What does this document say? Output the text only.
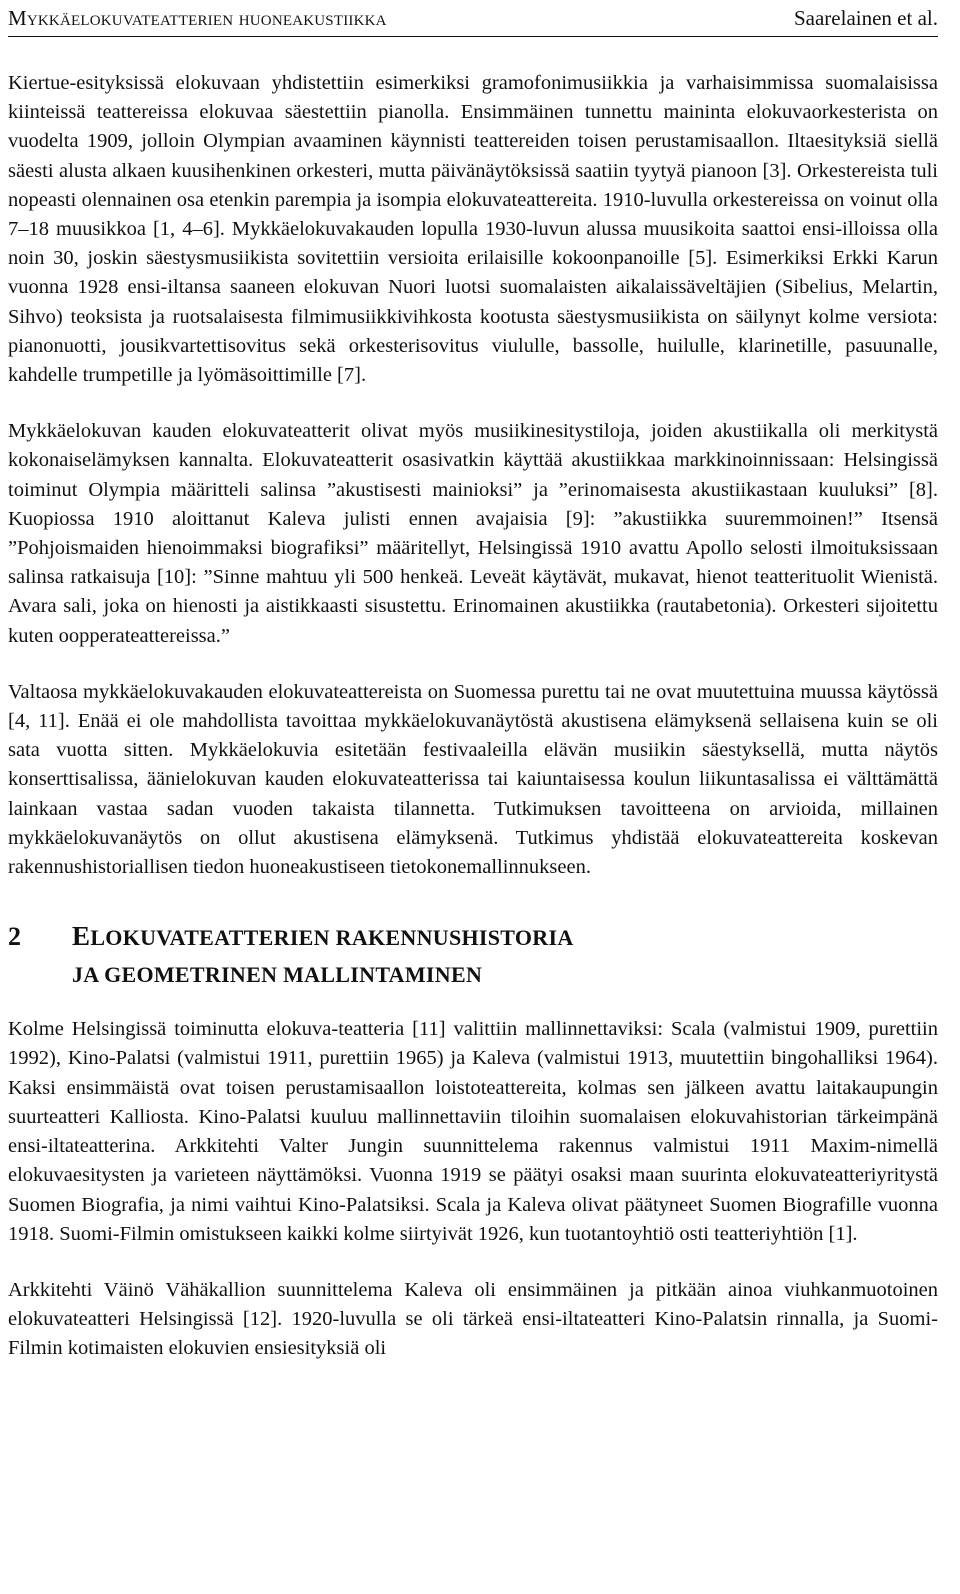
Mykkäelokuvateatterien huoneakustiikka	Saarelainen et al.

Kiertue-esityksissä elokuvaan yhdistettiin esimerkiksi gramofonimusiikkia ja varhaisimmissa suomalaisissa kiinteissä teattereissa elokuvaa säestettiin pianolla. Ensimmäinen tunnettu maininta elokuvaorkesterista on vuodelta 1909, jolloin Olympian avaaminen käynnisti teattereiden toisen perustamisaallon. Iltaesityksiä siellä säesti alusta alkaen kuusihenkinen orkesteri, mutta päivänäytöksissä saatiin tyytyä pianoon [3]. Orkestereista tuli nopeasti olennainen osa etenkin parempia ja isompia elokuvateattereita. 1910-luvulla orkestereissa on voinut olla 7–18 muusikkoa [1, 4–6]. Mykkäelokuvakauden lopulla 1930-luvun alussa muusikoita saattoi ensi-illoissa olla noin 30, joskin säestysmusiikista sovitettiin versioita erilaisille kokoonpanoille [5]. Esimerkiksi Erkki Karun vuonna 1928 ensi-iltansa saaneen elokuvan Nuori luotsi suomalaisten aikalaissäveltäjien (Sibelius, Melartin, Sihvo) teoksista ja ruotsalaisesta filmimusiikkivihkosta kootusta säestysmusiikista on säilynyt kolme versiota: pianonuotti, jousikvartettisovitus sekä orkesterisovitus viululle, bassolle, huilulle, klarinetille, pasuunalle, kahdelle trumpetille ja lyömäsoittimille [7].

Mykkäelokuvan kauden elokuvateatterit olivat myös musiikinesitystiloja, joiden akustiikalla oli merkitystä kokonaiselämyksen kannalta. Elokuvateatterit osasivatkin käyttää akustiikkaa markkinoinnissaan: Helsingissä toiminut Olympia määritteli salinsa ”akustisesti mainioksi” ja ”erinomaisesta akustiikastaan kuuluksi” [8]. Kuopiossa 1910 aloittanut Kaleva julisti ennen avajaisia [9]: ”akustiikka suuremmoinen!” Itsensä ”Pohjoismaiden hienoimmaksi biografiksi” määritellyt, Helsingissä 1910 avattu Apollo selosti ilmoituksissaan salinsa ratkaisuja [10]: ”Sinne mahtuu yli 500 henkeä. Leveät käytävät, mukavat, hienot teatterituolit Wienistä. Avara sali, joka on hienosti ja aistikkaasti sisustettu. Erinomainen akustiikka (rautabetonia). Orkesteri sijoitettu kuten oopperateattereissa.”

Valtaosa mykkäelokuvakauden elokuvateattereista on Suomessa purettu tai ne ovat muutettuina muussa käytössä [4, 11]. Enää ei ole mahdollista tavoittaa mykkäelokuvanäytöstä akustisena elämyksenä sellaisena kuin se oli sata vuotta sitten. Mykkäelokuvia esitetään festivaaleilla elävän musiikin säestyksellä, mutta näytös konserttisalissa, äänielokuvan kauden elokuvateatterissa tai kaiuntaisessa koulun liikuntasalissa ei välttämättä lainkaan vastaa sadan vuoden takaista tilannetta. Tutkimuksen tavoitteena on arvioida, millainen mykkäelokuvanäytös on ollut akustisena elämyksenä. Tutkimus yhdistää elokuvateattereita koskevan rakennushistoriallisen tiedon huoneakustiseen tietokonemallinnukseen.

2	ELOKUVATEATTERIEN RAKENNUSHISTORIA
JA GEOMETRINEN MALLINTAMINEN

Kolme Helsingissä toiminutta elokuva-teatteria [11] valittiin mallinnettaviksi: Scala (valmistui 1909, purettiin 1992), Kino-Palatsi (valmistui 1911, purettiin 1965) ja Kaleva (valmistui 1913, muutettiin bingohalliksi 1964). Kaksi ensimmäistä ovat toisen perustamisaallon loistoteattereita, kolmas sen jälkeen avattu laitakaupungin suurteatteri Kalliosta. Kino-Palatsi kuuluu mallinnettaviin tiloihin suomalaisen elokuvahistorian tärkeimpänä ensi-iltateatterina. Arkkitehti Valter Jungin suunnittelema rakennus valmistui 1911 Maxim-nimellä elokuvaesitysten ja varieteen näyttämöksi. Vuonna 1919 se päätyi osaksi maan suurinta elokuvateatteriyritystä Suomen Biografia, ja nimi vaihtui Kino-Palatsiksi. Scala ja Kaleva olivat päätyneet Suomen Biografille vuonna 1918. Suomi-Filmin omistukseen kaikki kolme siirtyivät 1926, kun tuotantoyhtiö osti teatteriyhtiön [1].

Arkkitehti Väinö Vähäkallion suunnittelema Kaleva oli ensimmäinen ja pitkään ainoa viuhkanmuotoinen elokuvateatteri Helsingissä [12]. 1920-luvulla se oli tärkeä ensi-iltateatteri Kino-Palatsin rinnalla, ja Suomi-Filmin kotimaisten elokuvien ensiesityksiä oli
